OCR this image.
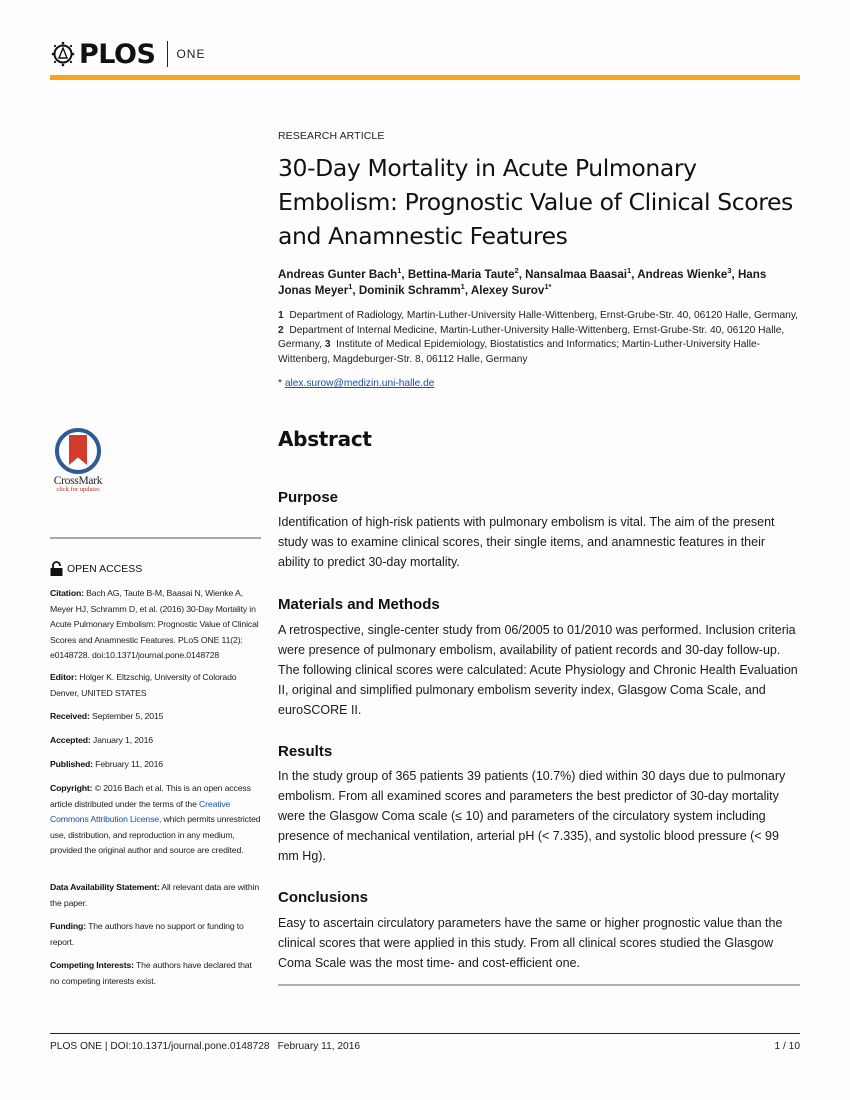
PLOS ONE
RESEARCH ARTICLE
30-Day Mortality in Acute Pulmonary Embolism: Prognostic Value of Clinical Scores and Anamnestic Features
Andreas Gunter Bach$^1$, Bettina-Maria Taute$^2$, Nansalmaa Baasai$^1$, Andreas Wienke$^3$, Hans Jonas Meyer$^1$, Dominik Schramm$^1$, Alexey Surov$^{1*}$
1 Department of Radiology, Martin-Luther-University Halle-Wittenberg, Ernst-Grube-Str. 40, 06120 Halle, Germany, 2 Department of Internal Medicine, Martin-Luther-University Halle-Wittenberg, Ernst-Grube-Str. 40, 06120 Halle, Germany, 3 Institute of Medical Epidemiology, Biostatistics and Informatics; Martin-Luther-University Halle-Wittenberg, Magdeburger-Str. 8, 06112 Halle, Germany
* alex.surow@medizin.uni-halle.de
Abstract
Purpose

Identification of high-risk patients with pulmonary embolism is vital. The aim of the present study was to examine clinical scores, their single items, and anamnestic features in their ability to predict 30-day mortality.

Materials and Methods

A retrospective, single-center study from 06/2005 to 01/2010 was performed. Inclusion criteria were presence of pulmonary embolism, availability of patient records and 30-day follow-up. The following clinical scores were calculated: Acute Physiology and Chronic Health Evaluation II, original and simplified pulmonary embolism severity index, Glasgow Coma Scale, and euroSCORE II.

Results

In the study group of 365 patients 39 patients (10.7%) died within 30 days due to pulmonary embolism. From all examined scores and parameters the best predictor of 30-day mortality were the Glasgow Coma scale (≤ 10) and parameters of the circulatory system including presence of mechanical ventilation, arterial pH (< 7.335), and systolic blood pressure (< 99 mm Hg).

Conclusions

Easy to ascertain circulatory parameters have the same or higher prognostic value than the clinical scores that were applied in this study. From all clinical scores studied the Glasgow Coma Scale was the most time- and cost-efficient one.

CrossMark
click for updates
OPEN ACCESS
Citation: Bach AG, Taute B-M, Baasai N, Wienke A, Meyer HJ, Schramm D, et al. (2016) 30-Day Mortality in Acute Pulmonary Embolism: Prognostic Value of Clinical Scores and Anamnestic Features. PLoS ONE 11(2): e0148728. doi:10.1371/journal.pone.0148728
Editor: Holger K. Eltzschig, University of Colorado Denver, UNITED STATES
Received: September 5, 2015
Accepted: January 1, 2016
Published: February 11, 2016
Copyright: © 2016 Bach et al. This is an open access article distributed under the terms of the Creative Commons Attribution License, which permits unrestricted use, distribution, and reproduction in any medium, provided the original author and source are credited.
Data Availability Statement: All relevant data are within the paper.
Funding: The authors have no support or funding to report.
Competing Interests: The authors have declared that no competing interests exist.
PLOS ONE | DOI:10.1371/journal.pone.0148728 February 11, 2016	1 / 10
